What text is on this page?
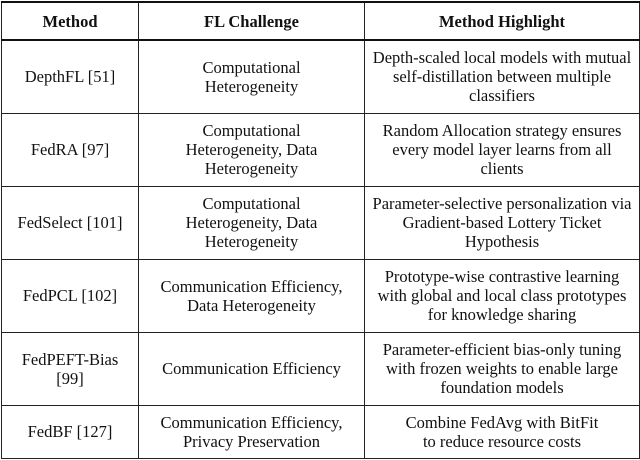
Method	FL Challenge	Method Highlight
DepthFL [51]	Computational Heterogeneity	Depth-scaled local models with mutual self-distillation between multiple classifiers
FedRA [97]	Computational Heterogeneity, Data Heterogeneity	Random Allocation strategy ensures every model layer learns from all clients
FedSelect [101]	Computational Heterogeneity, Data Heterogeneity	Parameter-selective personalization via Gradient-based Lottery Ticket Hypothesis
FedPCL [102]	Communication Efficiency, Data Heterogeneity	Prototype-wise contrastive learning with global and local class prototypes for knowledge sharing
FedPEFT-Bias [99]	Communication Efficiency	Parameter-efficient bias-only tuning with frozen weights to enable large foundation models
FedBF [127]	Communication Efficiency, Privacy Preservation	Combine FedAvg with BitFit to reduce resource costs
